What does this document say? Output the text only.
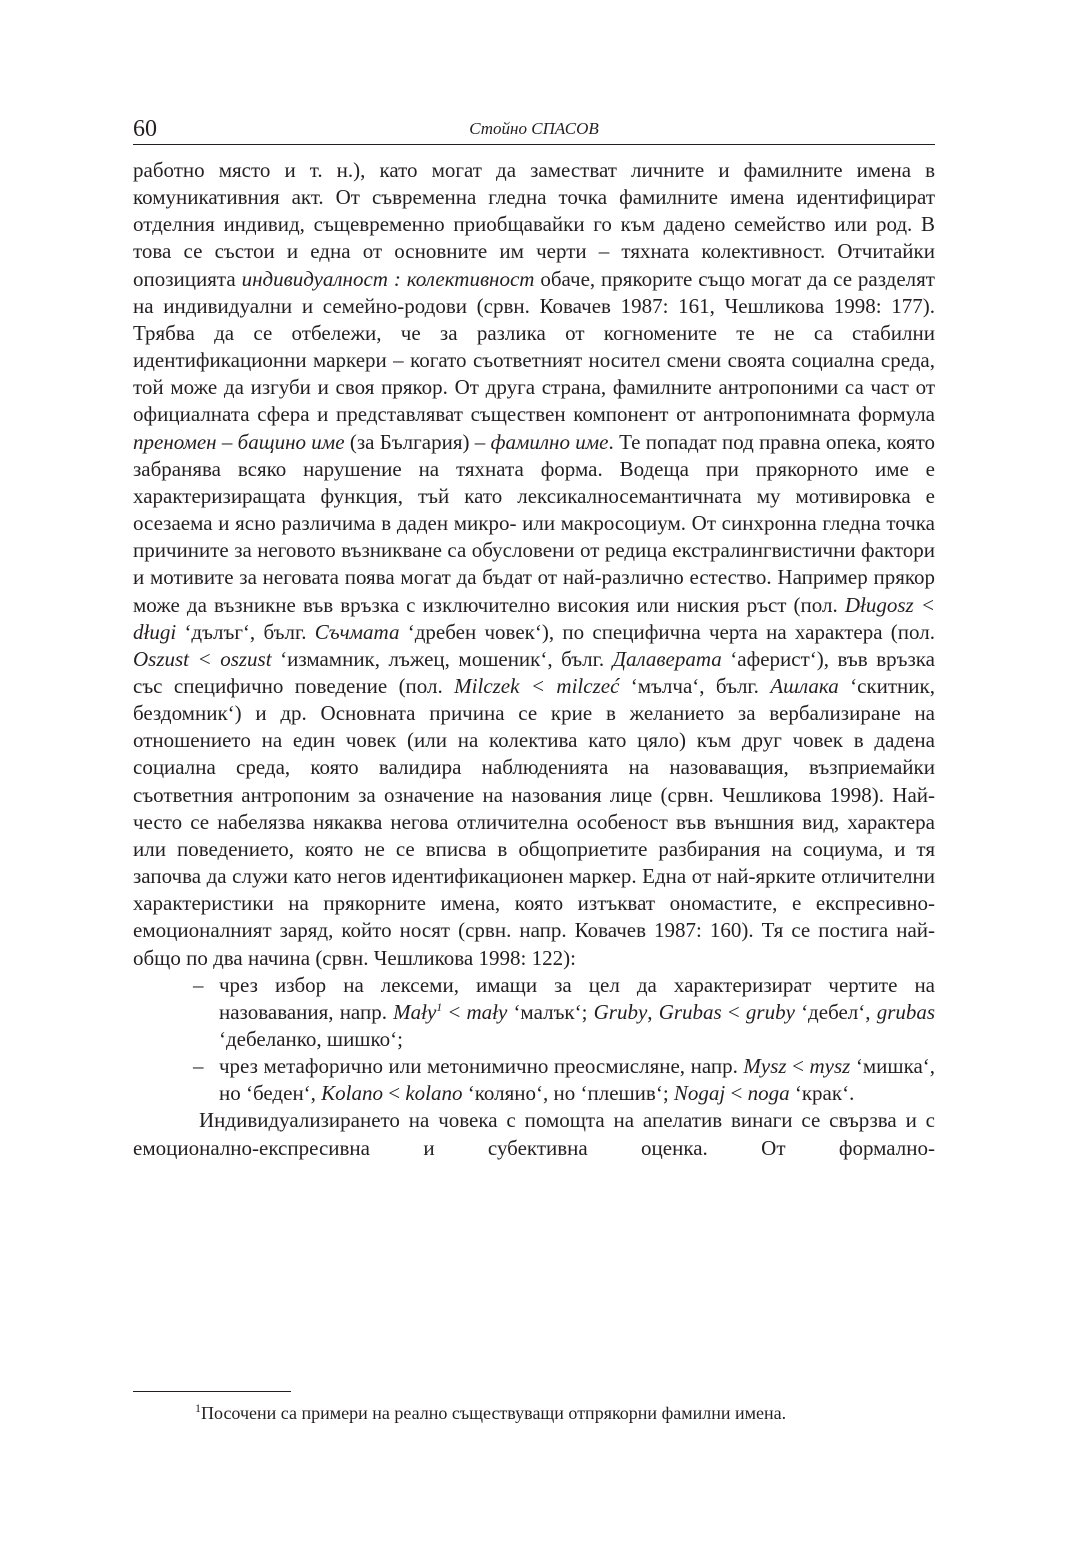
60	Стойно СПАСОВ

работно място и т. н.), като могат да заместват личните и фамилните имена в комуникативния акт. От съвременна гледна точка фамилните имена идентифицират отделния индивид, същевременно приобщавайки го към дадено семейство или род. В това се състои и една от основните им черти – тяхната колективност. Отчитайки опозицията индивидуалност : колективност обаче, прякорите също могат да се разделят на индивидуални и семейно-родови (срвн. Ковачев 1987: 161, Чешликова 1998: 177). Трябва да се отбележи, че за разлика от когномените те не са стабилни идентификационни маркери – когато съответният носител смени своята социална среда, той може да изгуби и своя прякор. От друга страна, фамилните антропоними са част от официалната сфера и представляват съществен компонент от антропонимната формула преномен – бащино име (за България) – фамилно име. Те попадат под правна опека, която забранява всяко нарушение на тяхната форма. Водеща при прякорното име е характеризиращата функция, тъй като лексикалносемантичната му мотивировка е осезаема и ясно различима в даден микро- или макросоциум. От синхронна гледна точка причините за неговото възникване са обусловени от редица екстралингвистични фактори и мотивите за неговата поява могат да бъдат от най-различно естество. Например прякор може да възникне във връзка с изключително високия или ниския ръст (пол. Długosz < długi ‘дълъг‘, бълг. Съчмата ‘дребен човек‘), по специфична черта на характера (пол. Oszust < oszust ‘измамник, лъжец, мошеник‘, бълг. Далаверата ‘аферист‘), във връзка със специфично поведение (пол. Milczek < milczeć ‘мълча‘, бълг. Ашлака ‘скитник, бездомник‘) и др. Основната причина се крие в желанието за вербализиране на отношението на един човек (или на колектива като цяло) към друг човек в дадена социална среда, която валидира наблюденията на назоваващия, възприемайки съответния антропоним за означение на назования лице (срвн. Чешликова 1998). Най-често се набелязва някаква негова отличителна особеност във външния вид, характера или поведението, която не се вписва в общоприетите разбирания на социума, и тя започва да служи като негов идентификационен маркер. Една от най-ярките отличителни характеристики на прякорните имена, която изтъкват ономастите, е експресивно-емоционалният заряд, който носят (срвн. напр. Ковачев 1987: 160). Тя се постига най-общо по два начина (срвн. Чешликова 1998: 122):

– чрез избор на лексеми, имащи за цел да характеризират чертите на назовавания, напр. Mały$^1$ < mały ‘малък‘; Gruby, Grubas < gruby ‘дебел‘, grubas ‘дебеланко, шишко‘;
– чрез метафорично или метонимично преосмисляне, напр. Mysz < mysz ‘мишка‘, но ‘беден‘, Kolano < kolano ‘коляно‘, но ‘плешив‘; Nogaj < noga ‘крак‘.

Индивидуализирането на човека с помощта на апелатив винаги се свързва и с емоционално-експресивна и субективна оценка. От формално-

$^1$Посочени са примери на реално съществуващи отпрякорни фамилни имена.
